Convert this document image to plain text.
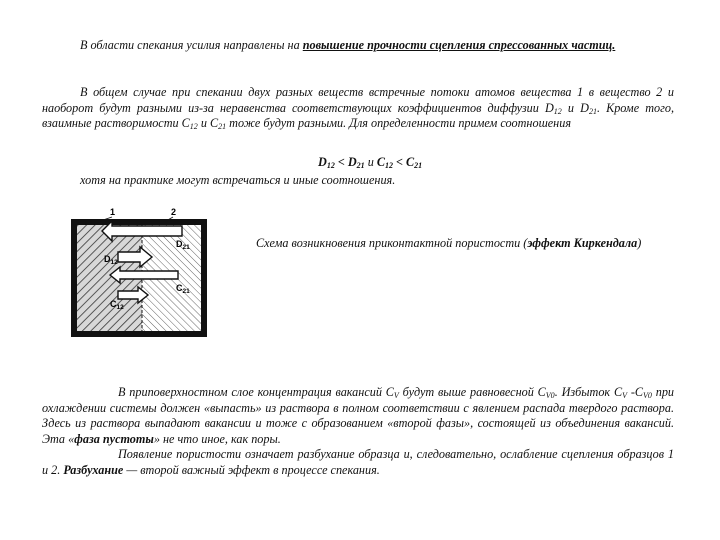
В области спекания усилия направлены на повышение прочности сцепления спрессованных частиц.
В общем случае при спекании двух разных веществ встречные потоки атомов вещества 1 в вещество 2 и наоборот будут разными из-за неравенства соответствующих коэффициентов диффузии $D_{12}$ и $D_{21}$. Кроме того, взаимные растворимости $С_{12}$ и $С_{21}$ тоже будут разными. Для определенности примем соотношения
$D_{12} < D_{21}$ и $C_{12} < C_{21}$
хотя на практике могут встречаться и иные соотношения.
1	2
$D_{21}$
$D_{12}$
$C_{21}$
$C_{12}$
Схема возникновения приконтактной пористости (эффект Киркендала)
В приповерхностном слое концентрация вакансий $С_V$ будут выше равновесной $С_{V0}$. Избыток $С_V$ $-С_{V0}$ при охлаждении системы должен «выпасть» из раствора в полном соответствии с явлением распада твердого раствора. Здесь из раствора выпадают вакансии и тоже с образованием «второй фазы», состоящей из объединения вакансий. Эта «фаза пустоты» не что иное, как поры.
Появление пористости означает разбухание образца и, следовательно, ослабление сцепления образцов 1 и 2. Разбухание — второй важный эффект в процессе спекания.
